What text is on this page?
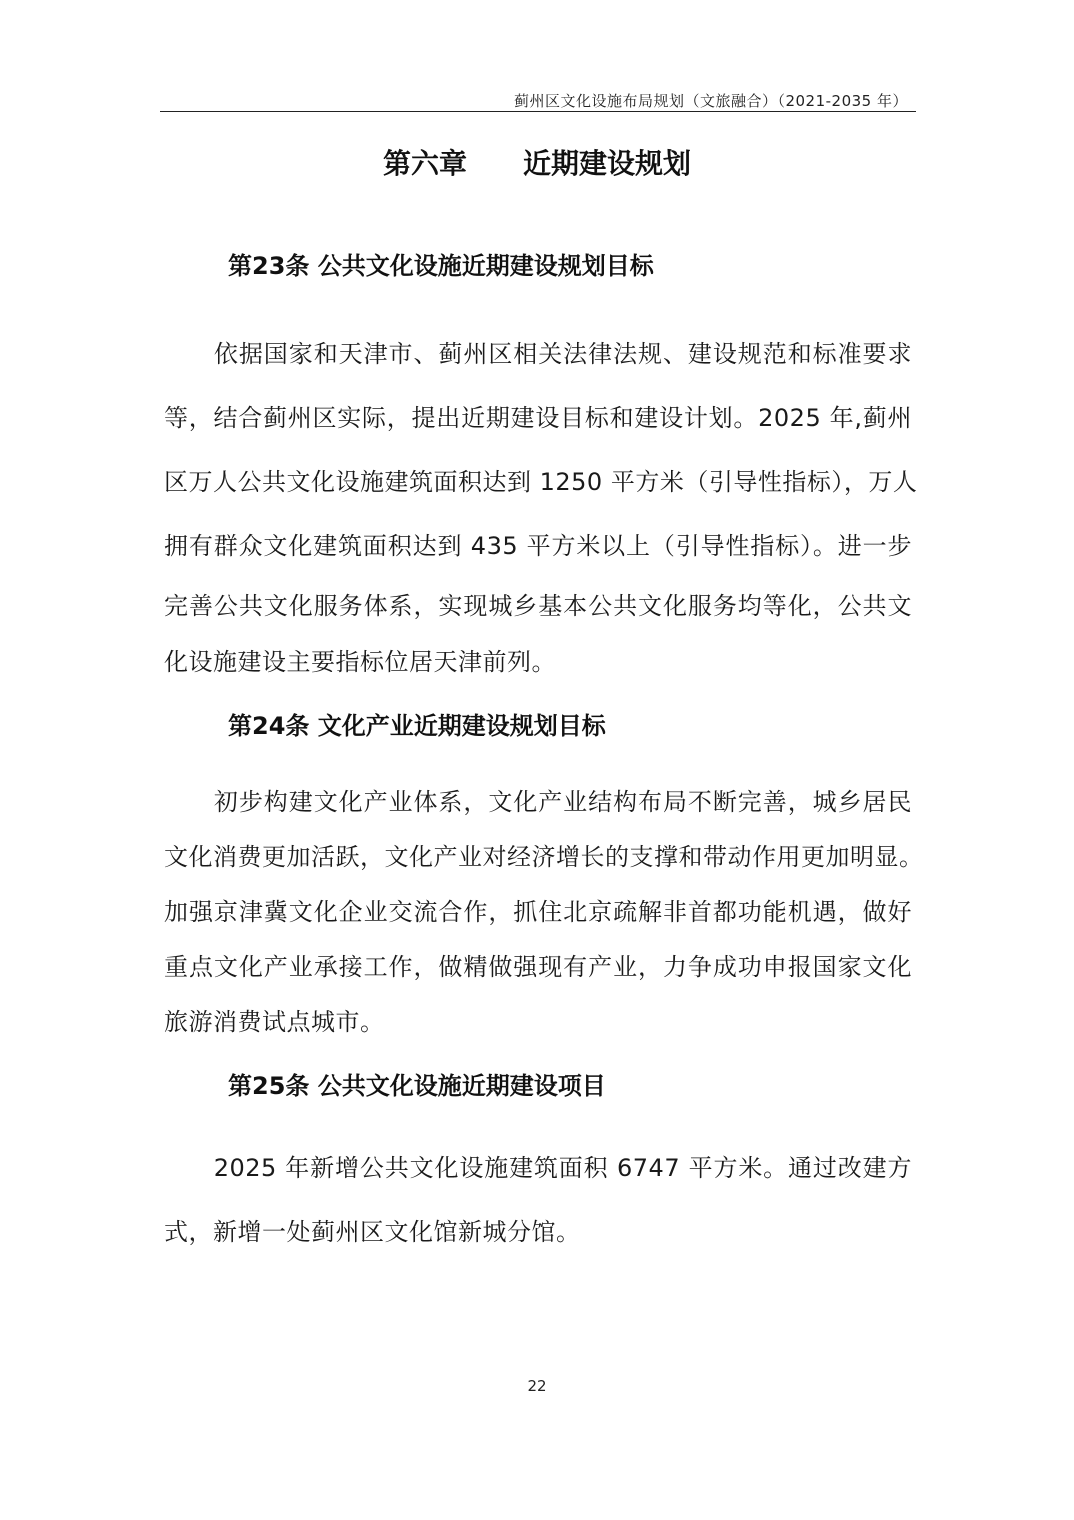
蓟州区文化设施布局规划（文旅融合）（2021-2035 年）
第六章　　近期建设规划
第23条 公共文化设施近期建设规划目标
　　依据国家和天津市、蓟州区相关法律法规、建设规范和标准要求
等，结合蓟州区实际，提出近期建设目标和建设计划。2025 年,蓟州
区万人公共文化设施建筑面积达到 1250 平方米（引导性指标），万人
拥有群众文化建筑面积达到 435 平方米以上（引导性指标）。进一步
完善公共文化服务体系，实现城乡基本公共文化服务均等化，公共文
化设施建设主要指标位居天津前列。
第24条 文化产业近期建设规划目标
　　初步构建文化产业体系，文化产业结构布局不断完善，城乡居民
文化消费更加活跃，文化产业对经济增长的支撑和带动作用更加明显。
加强京津冀文化企业交流合作，抓住北京疏解非首都功能机遇，做好
重点文化产业承接工作，做精做强现有产业，力争成功申报国家文化
旅游消费试点城市。
第25条 公共文化设施近期建设项目
　　2025 年新增公共文化设施建筑面积 6747 平方米。通过改建方
式，新增一处蓟州区文化馆新城分馆。
22
